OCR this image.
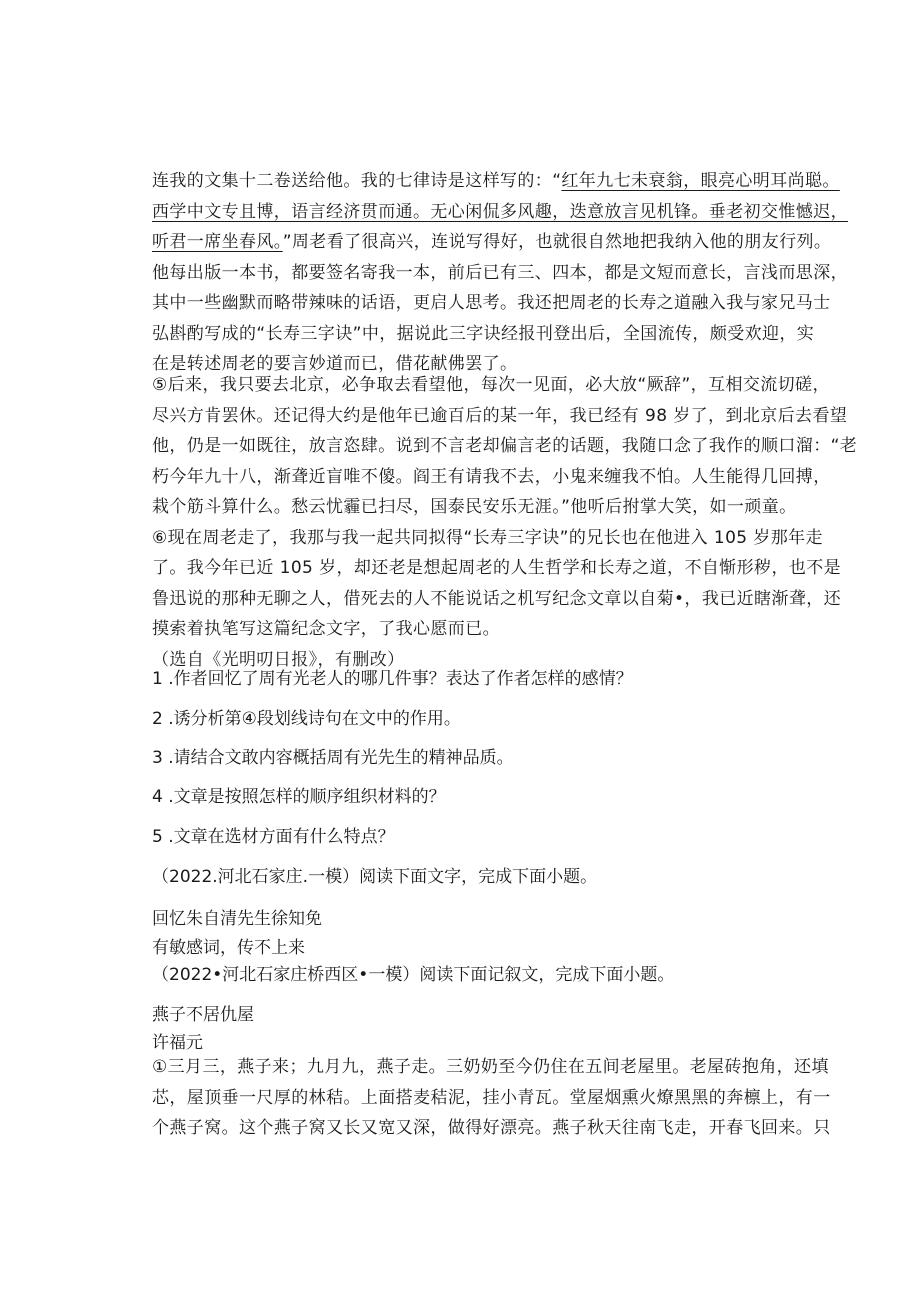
连我的文集十二卷送给他。我的七律诗是这样写的：“红年九七未衰翁，眼亮心明耳尚聪。
西学中文专且博，语言经济贯而通。无心闲侃多风趣，迭意放言见机锋。垂老初交惟憾迟，
听君一席坐春风。”周老看了很高兴，连说写得好，也就很自然地把我纳入他的朋友行列。
他每出版一本书，都要签名寄我一本，前后已有三、四本，都是文短而意长，言浅而思深，
其中一些幽默而略带辣味的话语，更启人思考。我还把周老的长寿之道融入我与家兄马士
弘斟酌写成的“长寿三字诀”中，据说此三字诀经报刊登出后，全国流传，颇受欢迎，实
在是转述周老的要言妙道而已，借花献佛罢了。
⑤后来，我只要去北京，必争取去看望他，每次一见面，必大放“厥辞”，互相交流切磋，
尽兴方肯罢休。还记得大约是他年已逾百后的某一年，我已经有 98 岁了，到北京后去看望
他，仍是一如既往，放言恣肆。说到不言老却偏言老的话题，我随口念了我作的顺口溜：“老
朽今年九十八，渐聋近盲唯不傻。阎王有请我不去，小鬼来缠我不怕。人生能得几回搏，
栽个筋斗算什么。愁云忧霾已扫尽，国泰民安乐无涯。”他听后拊掌大笑，如一顽童。
⑥现在周老走了，我那与我一起共同拟得“长寿三字诀”的兄长也在他进入 105 岁那年走
了。我今年已近 105 岁，却还老是想起周老的人生哲学和长寿之道，不自惭形秽，也不是
鲁迅说的那种无聊之人，借死去的人不能说话之机写纪念文章以自菊•，我已近瞎渐聋，还
摸索着执笔写这篇纪念文字，了我心愿而已。
（选自《光明叨日报》，有删改）
1 .作者回忆了周有光老人的哪几件事？表达了作者怎样的感情？
2 .诱分析第④段划线诗句在文中的作用。
3 .请结合文敢内容概括周有光先生的精神品质。
4 .文章是按照怎样的顺序组织材料的？
5 .文章在选材方面有什么特点？
（2022.河北石家庄.一模）阅读下面文字，完成下面小题。
回忆朱自清先生徐知免
有敏感词，传不上来
（2022•河北石家庄桥西区•一模）阅读下面记叙文，完成下面小题。
燕子不居仇屋
许福元
①三月三，燕子来；九月九，燕子走。三奶奶至今仍住在五间老屋里。老屋砖抱角，还填
芯，屋顶垂一尺厚的林秸。上面搭麦秸泥，挂小青瓦。堂屋烟熏火燎黑黑的奔檩上，有一
个燕子窝。这个燕子窝又长又宽又深，做得好漂亮。燕子秋天往南飞走，开春飞回来。只
